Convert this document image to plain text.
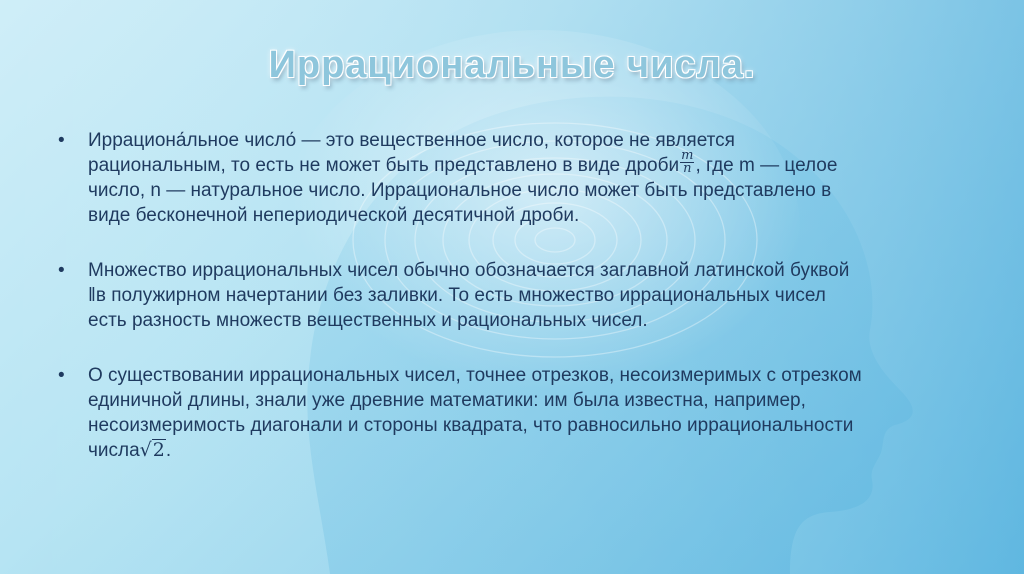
Иррациональные числа.
• Иррациона́льное число́ — это вещественное число, которое не является
рациональным, то есть не может быть представлено в виде дроби $\frac{m}{n}$ , где m — целое
число, n — натуральное число. Иррациональное число может быть представлено в
виде бесконечной непериодической десятичной дроби.
• Множество иррациональных чисел обычно обозначается заглавной латинской буквой
‖в полужирном начертании без заливки. То есть множество иррациональных чисел
есть разность множеств вещественных и рациональных чисел.
• О существовании иррациональных чисел, точнее отрезков, несоизмеримых с отрезком
единичной длины, знали уже древние математики: им была известна, например,
несоизмеримость диагонали и стороны квадрата, что равносильно иррациональности
числа√2.
